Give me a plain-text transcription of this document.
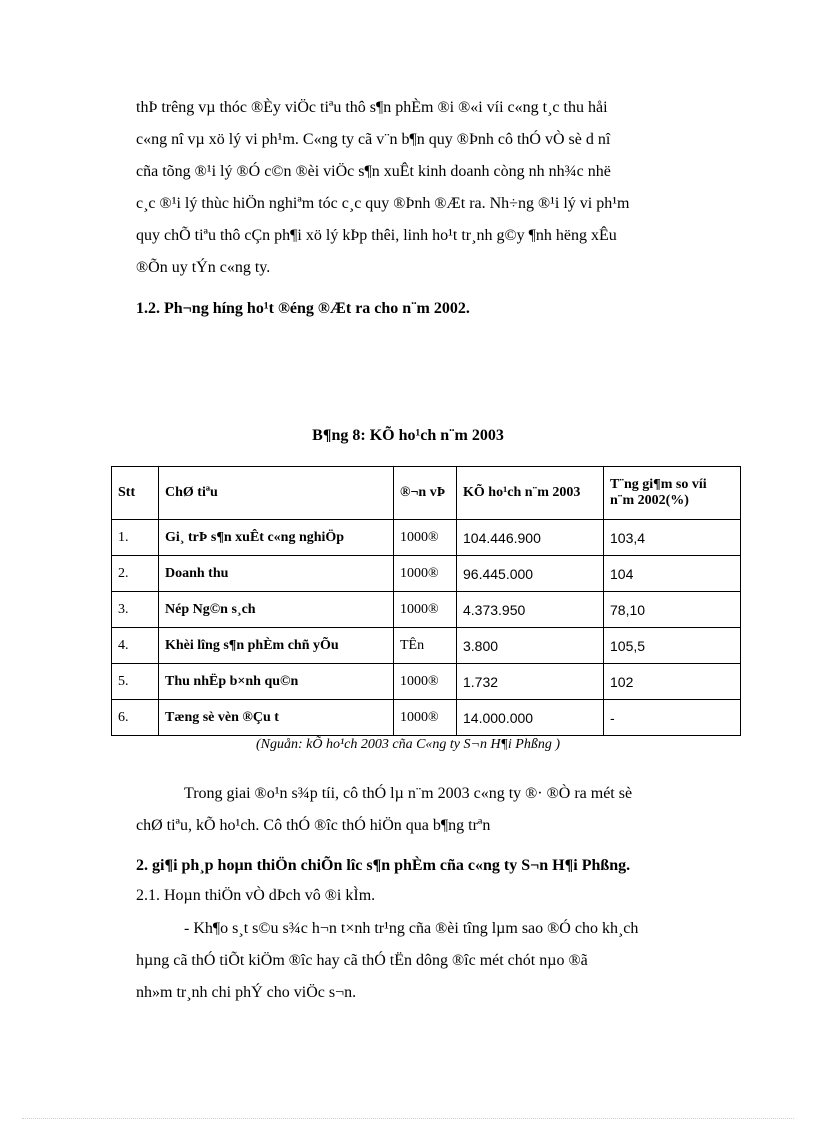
thÞ trêng vµ thóc ®Èy viÖc tiªu thô s¶n phÈm ®i ®«i víi c«ng t¸c thu håi
c«ng nî vµ xö lý vi ph¹m. C«ng ty cã v¨n b¶n quy ®Þnh cô thÓ vÒ sè d nî
cña tõng ®¹i lý ®Ó c©n ®èi viÖc s¶n xuÊt kinh doanh còng nh nh¾c nhë
c¸c ®¹i lý thùc hiÖn nghiªm tóc c¸c quy ®Þnh ®Æt ra. Nh÷ng ®¹i lý vi ph¹m
quy chÕ tiªu thô cÇn ph¶i xö lý kÞp thêi, linh ho¹t tr¸nh g©y ¶nh hëng xÊu
®Õn uy tÝn c«ng ty.

1.2. Ph¬ng híng ho¹t ®éng ®Æt ra cho n¨m 2002.

B¶ng 8: KÕ ho¹ch n¨m 2003

Stt	ChØ tiªu	®¬n vÞ	KÕ ho¹ch n¨m 2003	T¨ng gi¶m so víi n¨m 2002(%)
1.	Gi¸ trÞ s¶n xuÊt c«ng nghiÖp	1000®	104.446.900	103,4
2.	Doanh thu	1000®	96.445.000	104
3.	Nép Ng©n s¸ch	1000®	4.373.950	78,10
4.	Khèi lîng s¶n phÈm chñ yÕu	TÊn	3.800	105,5
5.	Thu nhËp b×nh qu©n	1000®	1.732	102
6.	Tæng sè vèn ®Çu t	1000®	14.000.000	-

(Nguån: kÕ ho¹ch 2003 cña C«ng ty S¬n H¶i Phßng )

Trong giai ®o¹n s¾p tíi, cô thÓ lµ n¨m 2003 c«ng ty ®· ®Ò ra mét sè
chØ tiªu, kÕ ho¹ch. Cô thÓ ®îc thÓ hiÖn qua b¶ng trªn

2. gi¶i ph¸p hoµn thiÖn chiÕn lîc s¶n phÈm cña c«ng ty S¬n H¶i Phßng.

2.1. Hoµn thiÖn vÒ dÞch vô ®i kÌm.

- Kh¶o s¸t s©u s¾c h¬n t×nh tr¹ng cña ®èi tîng lµm sao ®Ó cho kh¸ch
hµng cã thÓ tiÕt kiÖm ®îc hay cã thÓ tËn dông ®îc mét chót nµo ®ã
nh»m tr¸nh chi phÝ cho viÖc s¬n.
